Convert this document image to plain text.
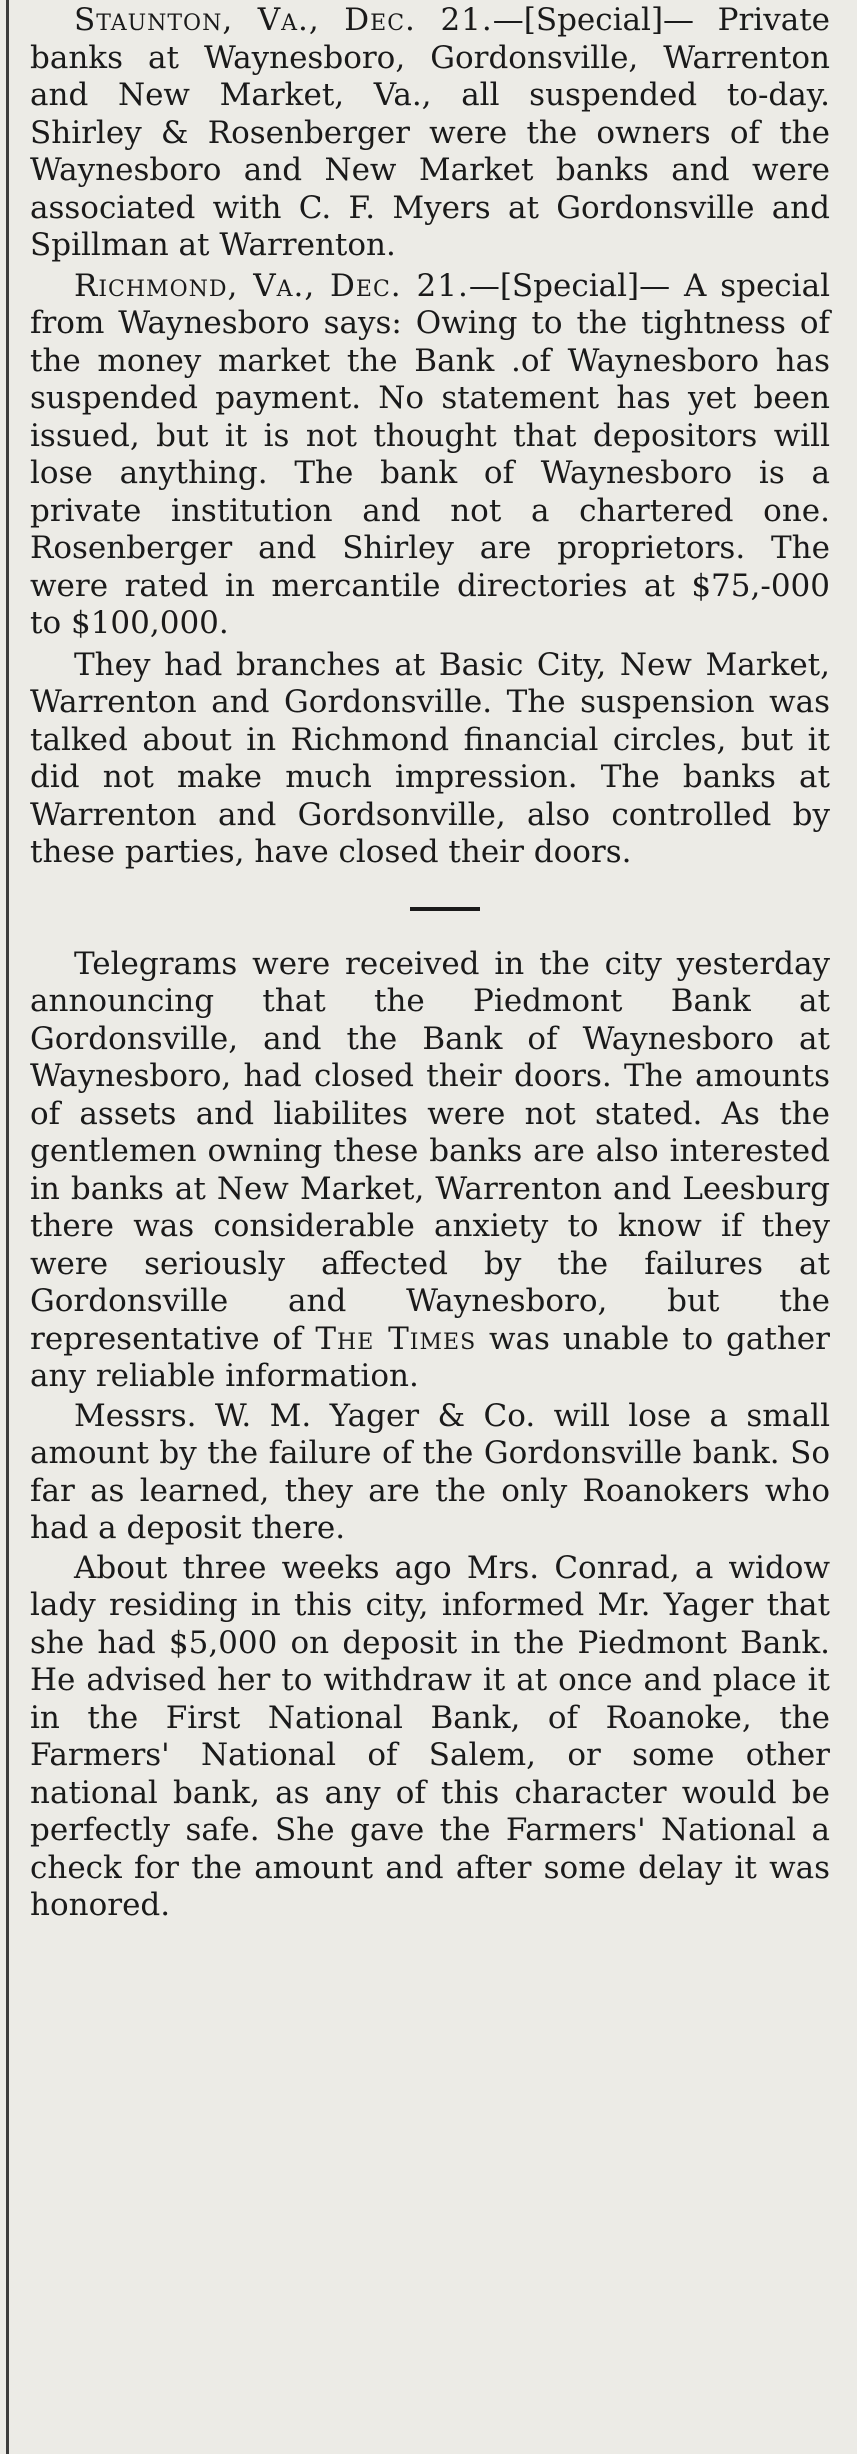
Staunton, Va., Dec. 21.—[Special]— Private banks at Waynesboro, Gordonsville, Warrenton and New Market, Va., all suspended to-day. Shirley & Rosenberger were the owners of the Waynesboro and New Market banks and were associated with C. F. Myers at Gordonsville and Spillman at Warrenton.

Richmond, Va., Dec. 21.—[Special]— A special from Waynesboro says: Owing to the tightness of the money market the Bank .of Waynesboro has suspended payment. No statement has yet been issued, but it is not thought that depositors will lose anything. The bank of Waynesboro is a private institution and not a chartered one. Rosenberger and Shirley are proprietors. The were rated in mercantile directories at $75,-000 to $100,000.

They had branches at Basic City, New Market, Warrenton and Gordonsville. The suspension was talked about in Richmond financial circles, but it did not make much impression. The banks at Warrenton and Gordsonville, also controlled by these parties, have closed their doors.

Telegrams were received in the city yesterday announcing that the Piedmont Bank at Gordonsville, and the Bank of Waynesboro at Waynesboro, had closed their doors. The amounts of assets and liabilites were not stated. As the gentlemen owning these banks are also interested in banks at New Market, Warrenton and Leesburg there was considerable anxiety to know if they were seriously affected by the failures at Gordonsville and Waynesboro, but the representative of The Times was unable to gather any reliable information.

Messrs. W. M. Yager & Co. will lose a small amount by the failure of the Gordonsville bank. So far as learned, they are the only Roanokers who had a deposit there.

About three weeks ago Mrs. Conrad, a widow lady residing in this city, informed Mr. Yager that she had $5,000 on deposit in the Piedmont Bank. He advised her to withdraw it at once and place it in the First National Bank, of Roanoke, the Farmers' National of Salem, or some other national bank, as any of this character would be perfectly safe. She gave the Farmers' National a check for the amount and after some delay it was honored.
